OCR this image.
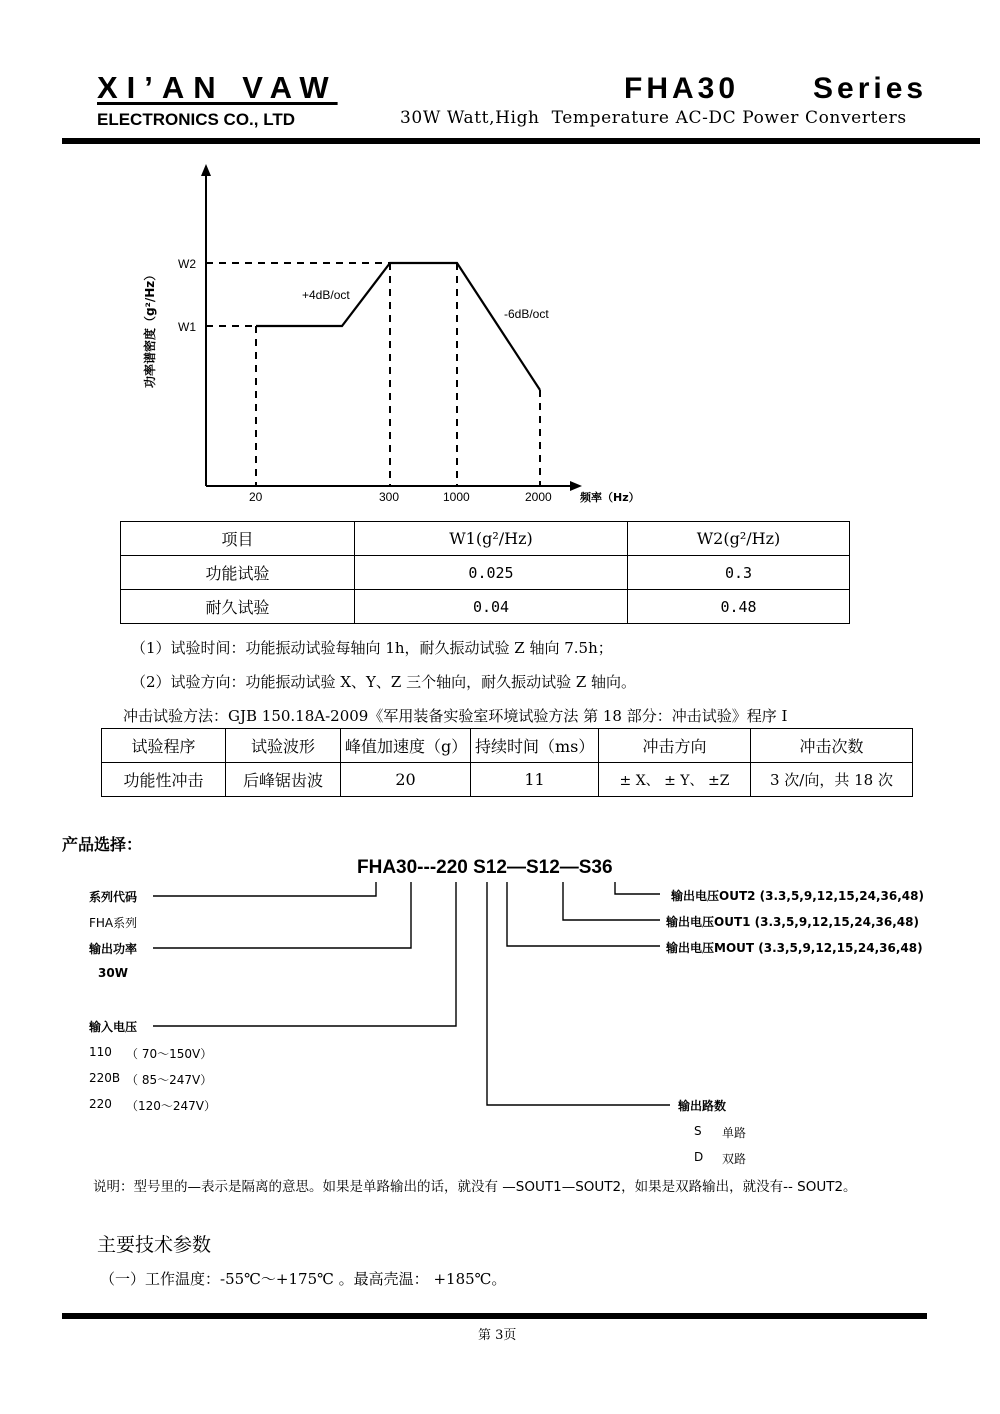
XI’AN VAW
ELECTRONICS CO., LTD
FHA30      Series
30W Watt,High  Temperature AC-DC Power Converters
W2
W1
20	300	1000	2000	频率（Hz）
+4dB/oct
-6dB/oct
功率谱密度（g²/Hz）
项目	W1(g²/Hz)	W2(g²/Hz)
功能试验	0.025	0.3
耐久试验	0.04	0.48
（1）试验时间：功能振动试验每轴向 1h，耐久振动试验 Z 轴向 7.5h；
（2）试验方向：功能振动试验 X、Y、Z 三个轴向，耐久振动试验 Z 轴向。
冲击试验方法：GJB 150.18A-2009《军用装备实验室环境试验方法 第 18 部分：冲击试验》程序 I
试验程序	试验波形	峰值加速度（g）	持续时间（ms）	冲击方向	冲击次数
功能性冲击	后峰锯齿波	20	11	± X、 ± Y、 ±Z	3 次/向，共 18 次
产品选择：
FHA30---220 S12—S12—S36
系列代码
FHA系列
输出功率
30W
输入电压
110 （ 70～150V）
220B （ 85～247V）
220 （120～247V）
输出电压OUT2 (3.3,5,9,12,15,24,36,48)
输出电压OUT1 (3.3,5,9,12,15,24,36,48)
输出电压MOUT (3.3,5,9,12,15,24,36,48)
输出路数
S 单路
D 双路
说明：型号里的—表示是隔离的意思。如果是单路输出的话，就没有 —SOUT1—SOUT2，如果是双路输出，就没有-- SOUT2。
主要技术参数
（一）工作温度：-55℃～+175℃ 。最高壳温： +185℃。
第 3页
